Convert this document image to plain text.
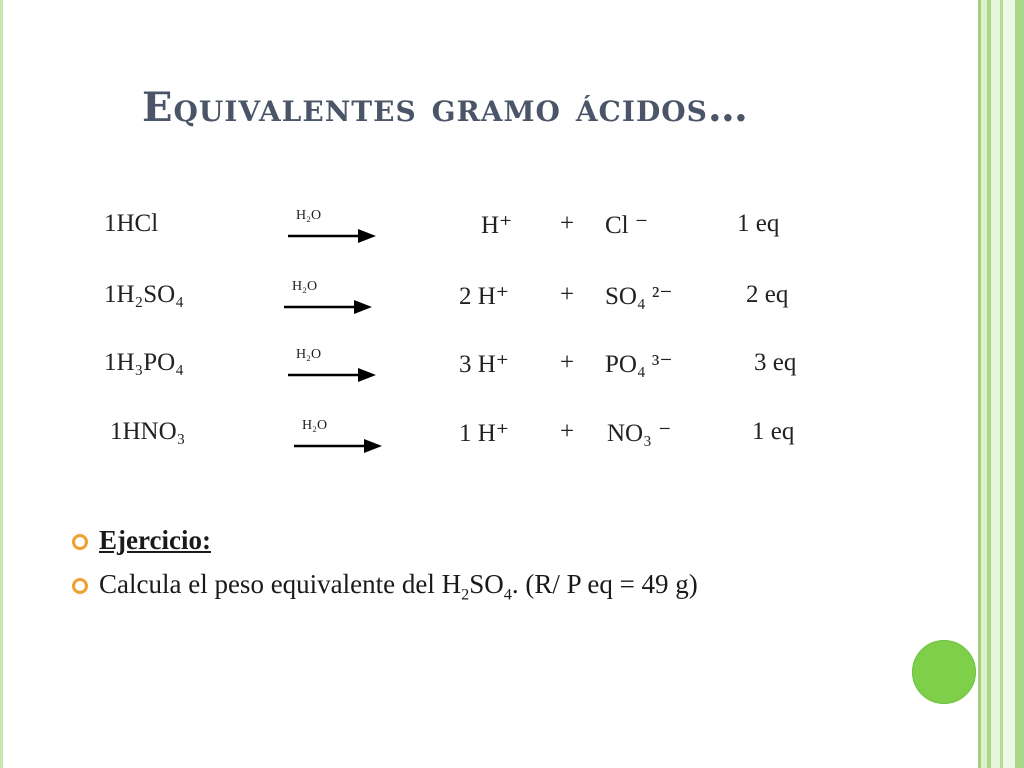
Equivalentes gramo ácidos…
1HCl	H₂O	H⁺ + Cl ⁻	1 eq
1H₂SO₄	H₂O	2 H⁺ + SO₄ ²⁻	2 eq
1H₃PO₄	H₂O	3 H⁺ + PO₄ ³⁻	3 eq
1HNO₃	H₂O	1 H⁺ + NO₃ ⁻	1 eq
Ejercicio:
Calcula el peso equivalente del $H_2SO_4$. (R/ P eq = 49 g)
